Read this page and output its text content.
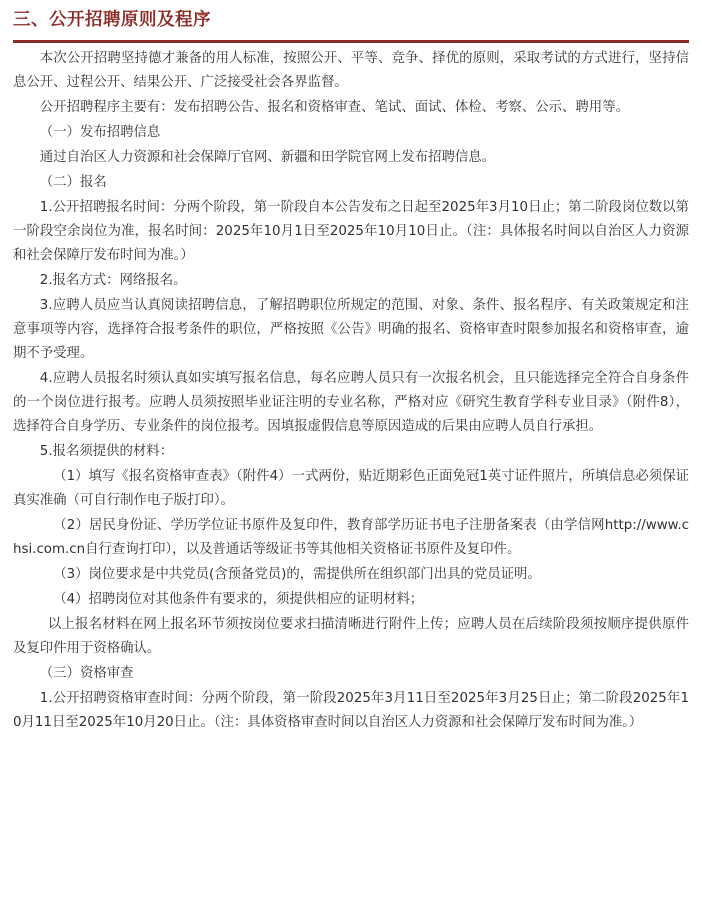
三、公开招聘原则及程序

本次公开招聘坚持德才兼备的用人标准，按照公开、平等、竞争、择优的原则，采取考试的方式进行，坚持信息公开、过程公开、结果公开、广泛接受社会各界监督。

公开招聘程序主要有：发布招聘公告、报名和资格审查、笔试、面试、体检、考察、公示、聘用等。

（一）发布招聘信息

通过自治区人力资源和社会保障厅官网、新疆和田学院官网上发布招聘信息。

（二）报名

1.公开招聘报名时间：分两个阶段，第一阶段自本公告发布之日起至2025年3月10日止；第二阶段岗位数以第一阶段空余岗位为准，报名时间：2025年10月1日至2025年10月10日止。（注：具体报名时间以自治区人力资源和社会保障厅发布时间为准。）

2.报名方式：网络报名。

3.应聘人员应当认真阅读招聘信息，了解招聘职位所规定的范围、对象、条件、报名程序、有关政策规定和注意事项等内容，选择符合报考条件的职位，严格按照《公告》明确的报名、资格审查时限参加报名和资格审查，逾期不予受理。

4.应聘人员报名时须认真如实填写报名信息，每名应聘人员只有一次报名机会，且只能选择完全符合自身条件的一个岗位进行报考。应聘人员须按照毕业证注明的专业名称，严格对应《研究生教育学科专业目录》（附件8），选择符合自身学历、专业条件的岗位报考。因填报虚假信息等原因造成的后果由应聘人员自行承担。

5.报名须提供的材料：

（1）填写《报名资格审查表》（附件4）一式两份，贴近期彩色正面免冠1英寸证件照片，所填信息必须保证真实准确（可自行制作电子版打印）。

（2）居民身份证、学历学位证书原件及复印件，教育部学历证书电子注册备案表（由学信网http://www.chsi.com.cn自行查询打印），以及普通话等级证书等其他相关资格证书原件及复印件。

（3）岗位要求是中共党员(含预备党员)的，需提供所在组织部门出具的党员证明。

（4）招聘岗位对其他条件有要求的，须提供相应的证明材料；

以上报名材料在网上报名环节须按岗位要求扫描清晰进行附件上传；应聘人员在后续阶段须按顺序提供原件及复印件用于资格确认。

（三）资格审查

1.公开招聘资格审查时间：分两个阶段，第一阶段2025年3月11日至2025年3月25日止；第二阶段2025年10月11日至2025年10月20日止。（注：具体资格审查时间以自治区人力资源和社会保障厅发布时间为准。）
